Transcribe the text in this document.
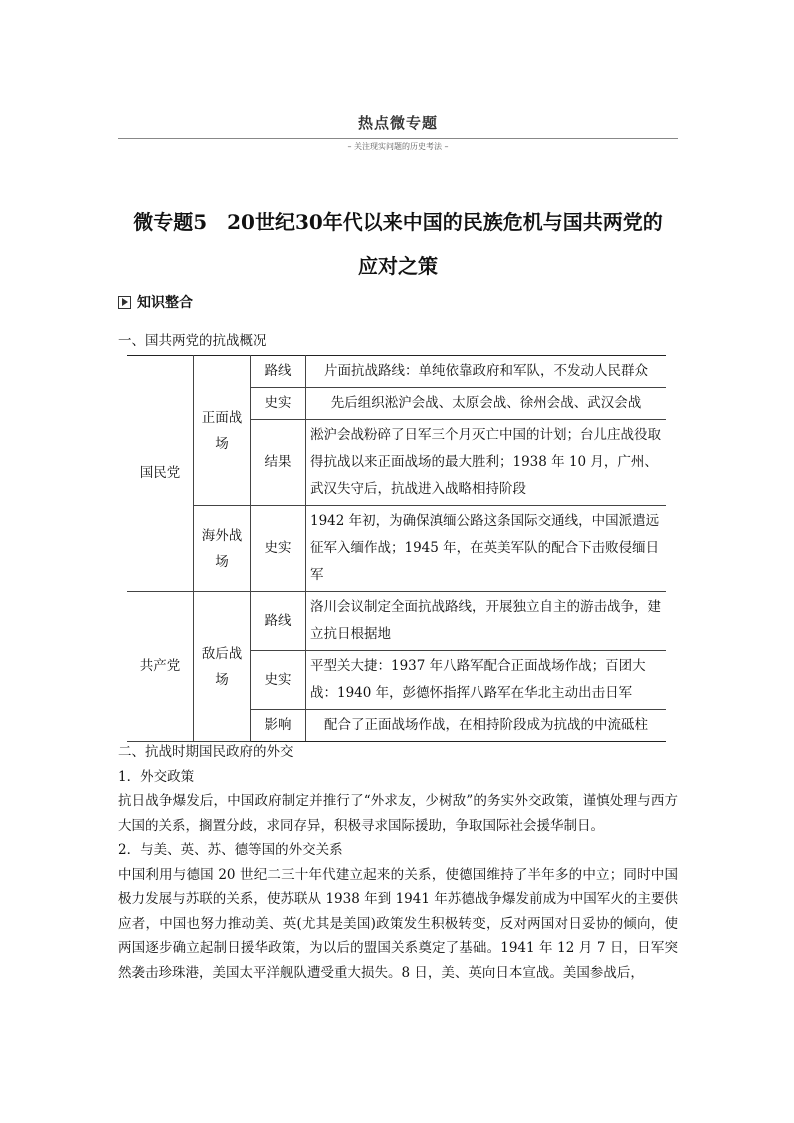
热点微专题
– 关注现实问题的历史考法 –
微专题5　20世纪30年代以来中国的民族危机与国共两党的
应对之策
知识整合
一、国共两党的抗战概况
国民党	正面战场	路线	片面抗战路线：单纯依靠政府和军队，不发动人民群众
		史实	先后组织淞沪会战、太原会战、徐州会战、武汉会战
		结果	淞沪会战粉碎了日军三个月灭亡中国的计划；台儿庄战役取得抗战以来正面战场的最大胜利；1938 年 10 月，广州、武汉失守后，抗战进入战略相持阶段
	海外战场	史实	1942 年初，为确保滇缅公路这条国际交通线，中国派遣远征军入缅作战；1945 年，在英美军队的配合下击败侵缅日军
共产党	敌后战场	路线	洛川会议制定全面抗战路线，开展独立自主的游击战争，建立抗日根据地
		史实	平型关大捷：1937 年八路军配合正面战场作战；百团大战：1940 年，彭德怀指挥八路军在华北主动出击日军
		影响	配合了正面战场作战，在相持阶段成为抗战的中流砥柱

二、抗战时期国民政府的外交

1．外交政策

抗日战争爆发后，中国政府制定并推行了“外求友，少树敌”的务实外交政策，谨慎处理与西方大国的关系，搁置分歧，求同存异，积极寻求国际援助，争取国际社会援华制日。

2．与美、英、苏、德等国的外交关系

中国利用与德国 20 世纪二三十年代建立起来的关系，使德国维持了半年多的中立；同时中国极力发展与苏联的关系，使苏联从 1938 年到 1941 年苏德战争爆发前成为中国军火的主要供应者，中国也努力推动美、英(尤其是美国)政策发生积极转变，反对两国对日妥协的倾向，使两国逐步确立起制日援华政策，为以后的盟国关系奠定了基础。1941 年 12 月 7 日，日军突然袭击珍珠港，美国太平洋舰队遭受重大损失。8 日，美、英向日本宣战。美国参战后，
